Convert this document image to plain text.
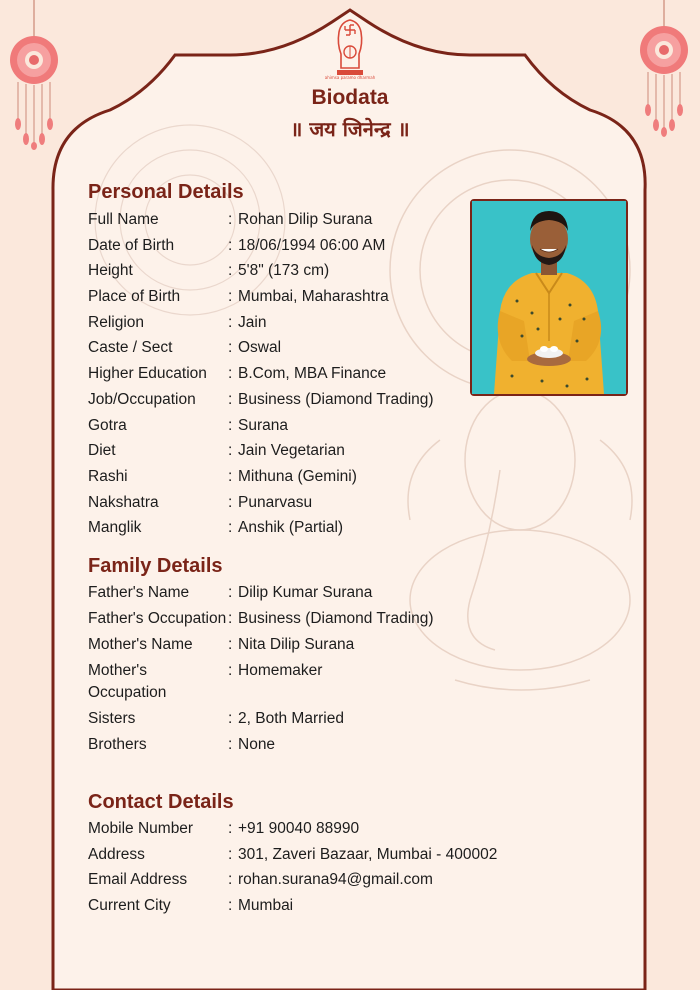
ahimsa paramo dharmah
Biodata
॥ जय जिनेन्द्र ॥
Personal Details
Full Name	: Rohan Dilip Surana
Date of Birth	: 18/06/1994 06:00 AM
Height	: 5'8" (173 cm)
Place of Birth	: Mumbai, Maharashtra
Religion	: Jain
Caste / Sect	: Oswal
Higher Education	: B.Com, MBA Finance
Job/Occupation	: Business (Diamond Trading)
Gotra	: Surana
Diet	: Jain Vegetarian
Rashi	: Mithuna (Gemini)
Nakshatra	: Punarvasu
Manglik	: Anshik (Partial)
Family Details
Father's Name	: Dilip Kumar Surana
Father's Occupation : Business (Diamond Trading)
Mother's Name	: Nita Dilip Surana
Mother's Occupation
: Homemaker
Sisters	: 2, Both Married
Brothers	: None
Contact Details
Mobile Number	: +91 90040 88990
Address	: 301, Zaveri Bazaar, Mumbai - 400002
Email Address	: rohan.surana94@gmail.com
Current City	: Mumbai
